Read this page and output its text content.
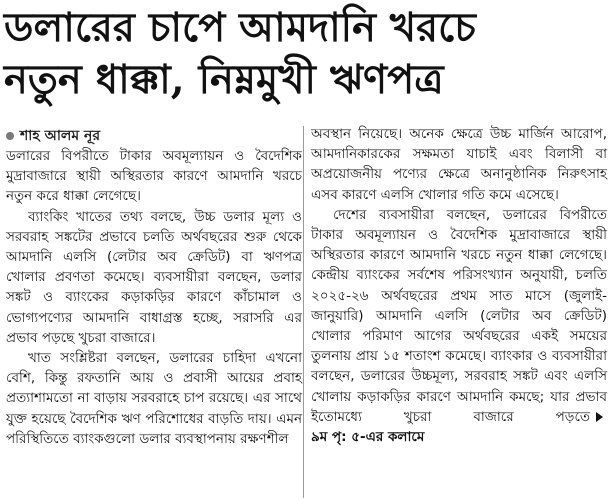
ডলারের চাপে আমদানি খরচে
নতুন ধাক্কা, নিম্নমুখী ঋণপত্র
শাহ আলম নূর

ডলারের বিপরীতে টাকার অবমূল্যায়ন ও বৈদেশিক মুদ্রাবাজারে স্থায়ী অস্থিরতার কারণে আমদানি খরচে নতুন করে ধাক্কা লেগেছে।

ব্যাংকিং খাতের তথ্য বলছে, উচ্চ ডলার মূল্য ও সরবরাহ সঙ্কটের প্রভাবে চলতি অর্থবছরের শুরু থেকে আমদানি এলসি (লেটার অব ক্রেডিট) বা ঋণপত্র খোলার প্রবণতা কমেছে। ব্যবসায়ীরা বলছেন, ডলার সঙ্কট ও ব্যাংকের কড়াকড়ির কারণে কাঁচামাল ও ভোগ্যপণ্যের আমদানি বাধাগ্রস্ত হচ্ছে, সরাসরি এর প্রভাব পড়ছে খুচরা বাজারে।

খাত সংশ্লিষ্টরা বলছেন, ডলারের চাহিদা এখনো বেশি, কিন্তু রফতানি আয় ও প্রবাসী আয়ের প্রবাহ প্রত্যাশামতো না বাড়ায় সরবরাহে চাপ রয়েছে। এর সাথে যুক্ত হয়েছে বৈদেশিক ঋণ পরিশোধের বাড়তি দায়। এমন পরিস্থিতিতে ব্যাংকগুলো ডলার ব্যবস্থাপনায় রক্ষণশীল

অবস্থান নিয়েছে। অনেক ক্ষেত্রে উচ্চ মার্জিন আরোপ, আমদানিকারকের সক্ষমতা যাচাই এবং বিলাসী বা অপ্রয়োজনীয় পণ্যের ক্ষেত্রে অনানুষ্ঠানিক নিরুৎসাহ এসব কারণে এলসি খোলার গতি কমে এসেছে।

দেশের ব্যবসায়ীরা বলছেন, ডলারের বিপরীতে টাকার অবমূল্যায়ন ও বৈদেশিক মুদ্রাবাজারে স্থায়ী অস্থিরতার কারণে আমদানি খরচে নতুন ধাক্কা লেগেছে। কেন্দ্রীয় ব্যাংকের সর্বশেষ পরিসংখ্যান অনুযায়ী, চলতি ২০২৫-২৬ অর্থবছরের প্রথম সাত মাসে (জুলাই-জানুয়ারি) আমদানি এলসি (লেটার অব ক্রেডিট) খোলার পরিমাণ আগের অর্থবছরের একই সময়ের তুলনায় প্রায় ১৫ শতাংশ কমেছে। ব্যাংকার ও ব্যবসায়ীরা বলছেন, ডলারের উচ্চমূল্য, সরবরাহ সঙ্কট এবং এলসি খোলায় কড়াকড়ির কারণে আমদানি কমছে; যার প্রভাব ইতোমধ্যে খুচরা বাজারে পড়তে৯ম পৃ: ৫-এর কলামে
